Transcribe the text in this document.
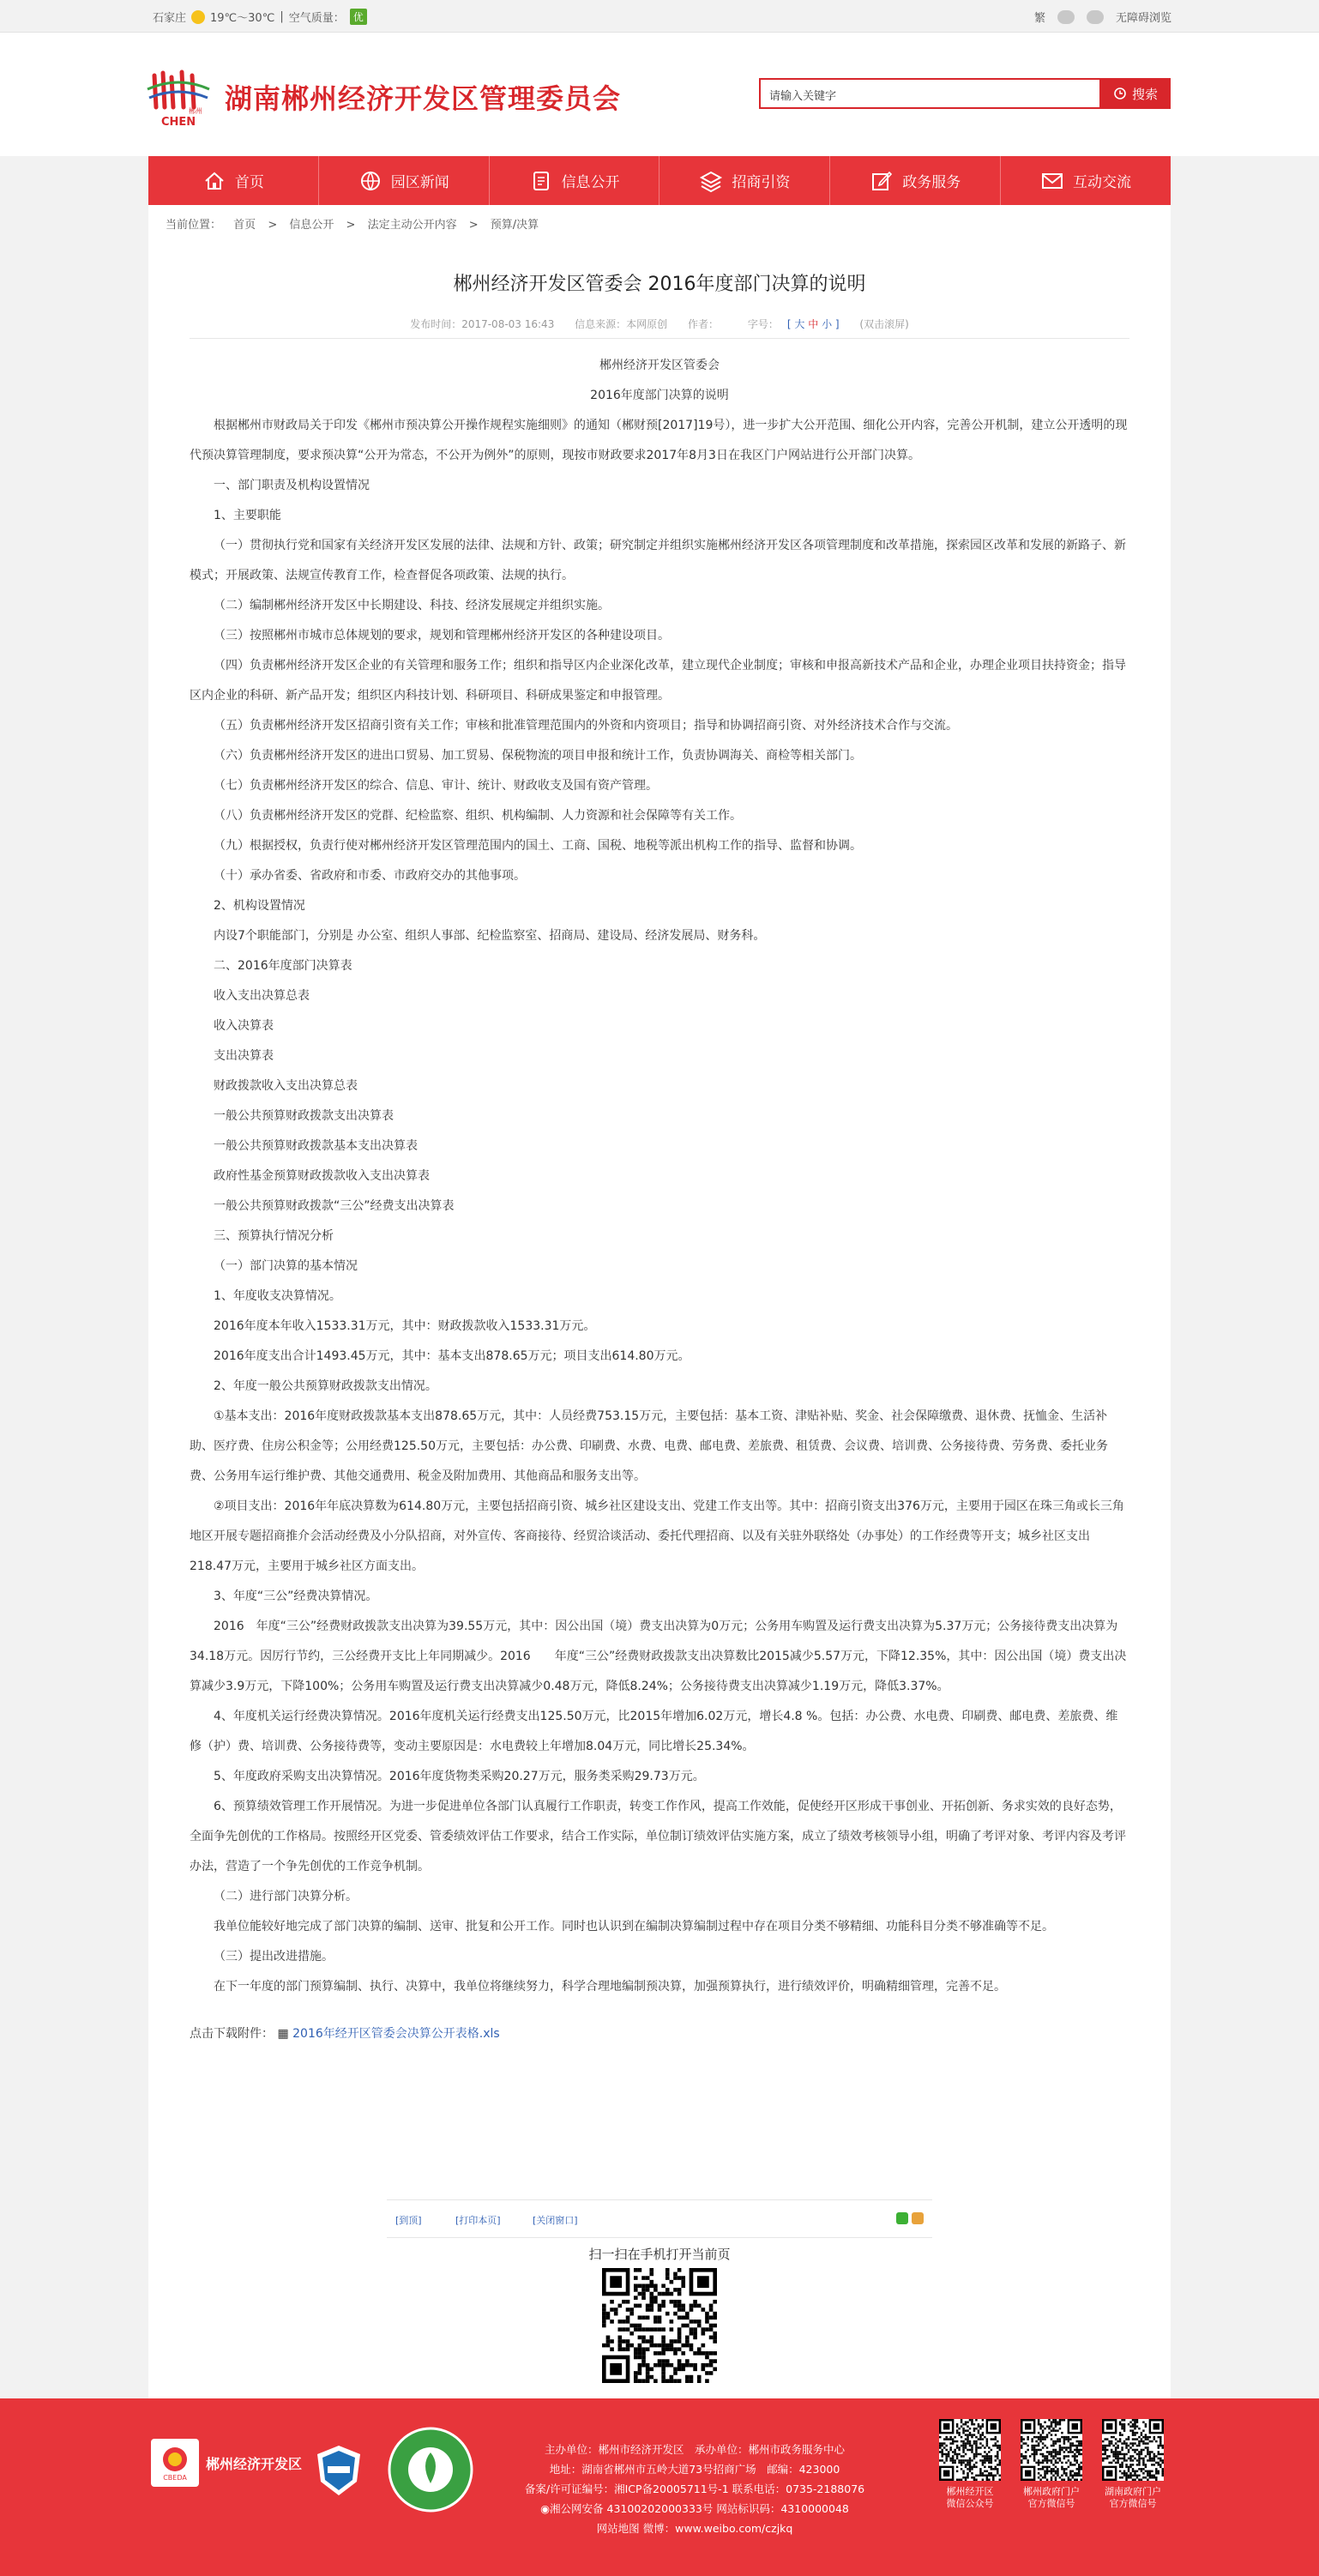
石家庄 19℃～30℃ | 空气质量： 优	繁	无障碍浏览
郴州
CHEN
湖南郴州经济开发区管理委员会	请输入关键字	搜索
首页	园区新闻	信息公开	招商引资	政务服务	互动交流
当前位置： 首页 > 信息公开 > 法定主动公开内容 > 预算/决算
郴州经济开发区管委会 2016年度部门决算的说明
发布时间：2017-08-03 16:43 信息来源：本网原创 作者：	字号： [ 大 中 小 ] (双击滚屏)

郴州经济开发区管委会

2016年度部门决算的说明

根据郴州市财政局关于印发《郴州市预决算公开操作规程实施细则》的通知（郴财预[2017]19号），进一步扩大公开范围、细化公开内容，完善公开机制，建立公开透明的现代预决算管理制度，要求预决算“公开为常态，不公开为例外”的原则，现按市财政要求2017年8月3日在我区门户网站进行公开部门决算。

一、部门职责及机构设置情况

1、主要职能

（一）贯彻执行党和国家有关经济开发区发展的法律、法规和方针、政策；研究制定并组织实施郴州经济开发区各项管理制度和改革措施，探索园区改革和发展的新路子、新模式；开展政策、法规宣传教育工作，检查督促各项政策、法规的执行。

（二）编制郴州经济开发区中长期建设、科技、经济发展规定并组织实施。

（三）按照郴州市城市总体规划的要求，规划和管理郴州经济开发区的各种建设项目。

（四）负责郴州经济开发区企业的有关管理和服务工作；组织和指导区内企业深化改革，建立现代企业制度；审核和申报高新技术产品和企业，办理企业项目扶持资金；指导区内企业的科研、新产品开发；组织区内科技计划、科研项目、科研成果鉴定和申报管理。

（五）负责郴州经济开发区招商引资有关工作；审核和批准管理范围内的外资和内资项目；指导和协调招商引资、对外经济技术合作与交流。

（六）负责郴州经济开发区的进出口贸易、加工贸易、保税物流的项目申报和统计工作，负责协调海关、商检等相关部门。

（七）负责郴州经济开发区的综合、信息、审计、统计、财政收支及国有资产管理。

（八）负责郴州经济开发区的党群、纪检监察、组织、机构编制、人力资源和社会保障等有关工作。

（九）根据授权，负责行使对郴州经济开发区管理范围内的国土、工商、国税、地税等派出机构工作的指导、监督和协调。

（十）承办省委、省政府和市委、市政府交办的其他事项。

2、机构设置情况

内设7个职能部门，分别是 办公室、组织人事部、纪检监察室、招商局、建设局、经济发展局、财务科。

二、2016年度部门决算表

收入支出决算总表

收入决算表

支出决算表

财政拨款收入支出决算总表

一般公共预算财政拨款支出决算表

一般公共预算财政拨款基本支出决算表

政府性基金预算财政拨款收入支出决算表

一般公共预算财政拨款“三公”经费支出决算表

三、预算执行情况分析

（一）部门决算的基本情况

1、年度收支决算情况。

2016年度本年收入1533.31万元，其中：财政拨款收入1533.31万元。

2016年度支出合计1493.45万元，其中：基本支出878.65万元；项目支出614.80万元。

2、年度一般公共预算财政拨款支出情况。

①基本支出：2016年度财政拨款基本支出878.65万元，其中：人员经费753.15万元，主要包括：基本工资、津贴补贴、奖金、社会保障缴费、退休费、抚恤金、生活补助、医疗费、住房公积金等；公用经费125.50万元，主要包括：办公费、印刷费、水费、电费、邮电费、差旅费、租赁费、会议费、培训费、公务接待费、劳务费、委托业务费、公务用车运行维护费、其他交通费用、税金及附加费用、其他商品和服务支出等。

②项目支出：2016年年底决算数为614.80万元，主要包括招商引资、城乡社区建设支出、党建工作支出等。其中：招商引资支出376万元，主要用于园区在珠三角或长三角地区开展专题招商推介会活动经费及小分队招商，对外宣传、客商接待、经贸洽谈活动、委托代理招商、以及有关驻外联络处（办事处）的工作经费等开支；城乡社区支出218.47万元，主要用于城乡社区方面支出。

3、年度“三公”经费决算情况。

2016　年度“三公”经费财政拨款支出决算为39.55万元，其中：因公出国（境）费支出决算为0万元；公务用车购置及运行费支出决算为5.37万元；公务接待费支出决算为34.18万元。因厉行节约，三公经费开支比上年同期减少。2016　　年度“三公”经费财政拨款支出决算数比2015减少5.57万元，下降12.35%，其中：因公出国（境）费支出决算减少3.9万元，下降100%；公务用车购置及运行费支出决算减少0.48万元，降低8.24%；公务接待费支出决算减少1.19万元，降低3.37%。

4、年度机关运行经费决算情况。2016年度机关运行经费支出125.50万元，比2015年增加6.02万元，增长4.8 %。包括：办公费、水电费、印刷费、邮电费、差旅费、维修（护）费、培训费、公务接待费等，变动主要原因是：水电费较上年增加8.04万元，同比增长25.34%。

5、年度政府采购支出决算情况。2016年度货物类采购20.27万元，服务类采购29.73万元。

6、预算绩效管理工作开展情况。为进一步促进单位各部门认真履行工作职责，转变工作作风，提高工作效能，促使经开区形成干事创业、开拓创新、务求实效的良好态势，全面争先创优的工作格局。按照经开区党委、管委绩效评估工作要求，结合工作实际，单位制订绩效评估实施方案，成立了绩效考核领导小组，明确了考评对象、考评内容及考评办法，营造了一个争先创优的工作竞争机制。

（二）进行部门决算分析。

我单位能较好地完成了部门决算的编制、送审、批复和公开工作。同时也认识到在编制决算编制过程中存在项目分类不够精细、功能科目分类不够准确等不足。

（三）提出改进措施。

在下一年度的部门预算编制、执行、决算中，我单位将继续努力，科学合理地编制预决算，加强预算执行，进行绩效评价，明确精细管理，完善不足。

点击下载附件： ▦ 2016年经开区管委会决算公开表格.xls
[到顶]	[打印本页]	[关闭窗口]
扫一扫在手机打开当前页
CBEDA
郴州经济开发区
主办单位：郴州市经济开发区　 承办单位：郴州市政务服务中心
地址：湖南省郴州市五岭大道73号招商广场　邮编：423000
备案/许可证编号：湘ICP备20005711号-1 联系电话：0735-2188076
◉湘公网安备 43100202000333号 网站标识码：4310000048
网站地图 微博：www.weibo.com/czjkq
郴州经开区
微信公众号
郴州政府门户
官方微信号
湖南政府门户
官方微信号
